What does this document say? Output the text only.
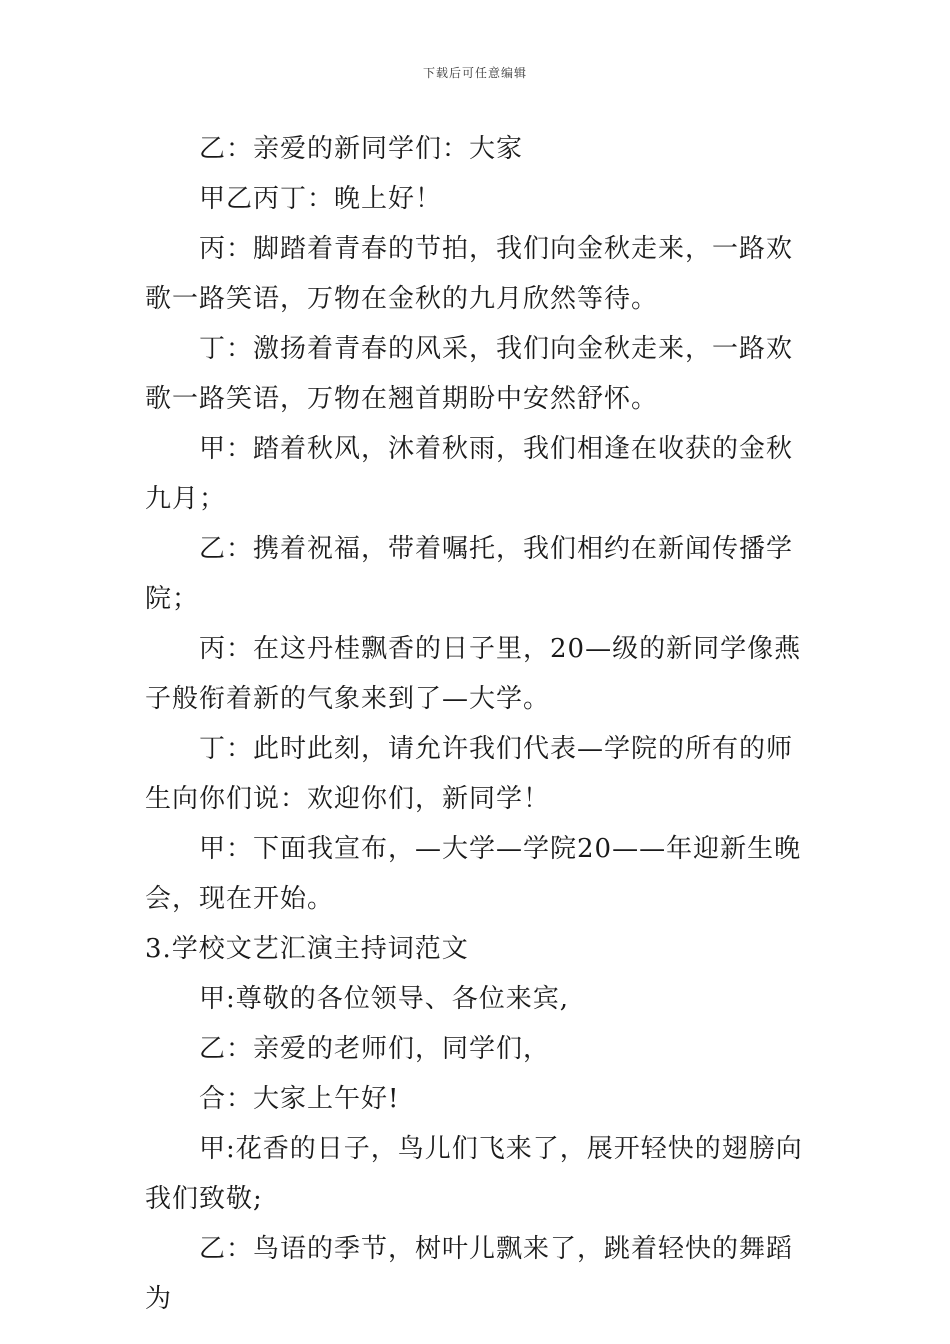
下载后可任意编辑

乙：亲爱的新同学们：大家

甲乙丙丁：晚上好！

丙：脚踏着青春的节拍，我们向金秋走来，一路欢歌一路笑语，万物在金秋的九月欣然等待。

丁：激扬着青春的风采，我们向金秋走来，一路欢歌一路笑语，万物在翘首期盼中安然舒怀。

甲：踏着秋风，沐着秋雨，我们相逢在收获的金秋九月；

乙：携着祝福，带着嘱托，我们相约在新闻传播学院；

丙：在这丹桂飘香的日子里，20—级的新同学像燕子般衔着新的气象来到了—大学。

丁：此时此刻，请允许我们代表—学院的所有的师生向你们说：欢迎你们，新同学！

甲：下面我宣布，—大学—学院20——年迎新生晚会，现在开始。

3.学校文艺汇演主持词范文

甲:尊敬的各位领导、各位来宾,

乙：亲爱的老师们，同学们，

合：大家上午好!

甲:花香的日子，鸟儿们飞来了，展开轻快的翅膀向我们致敬;

乙：鸟语的季节，树叶儿飘来了，跳着轻快的舞蹈为
